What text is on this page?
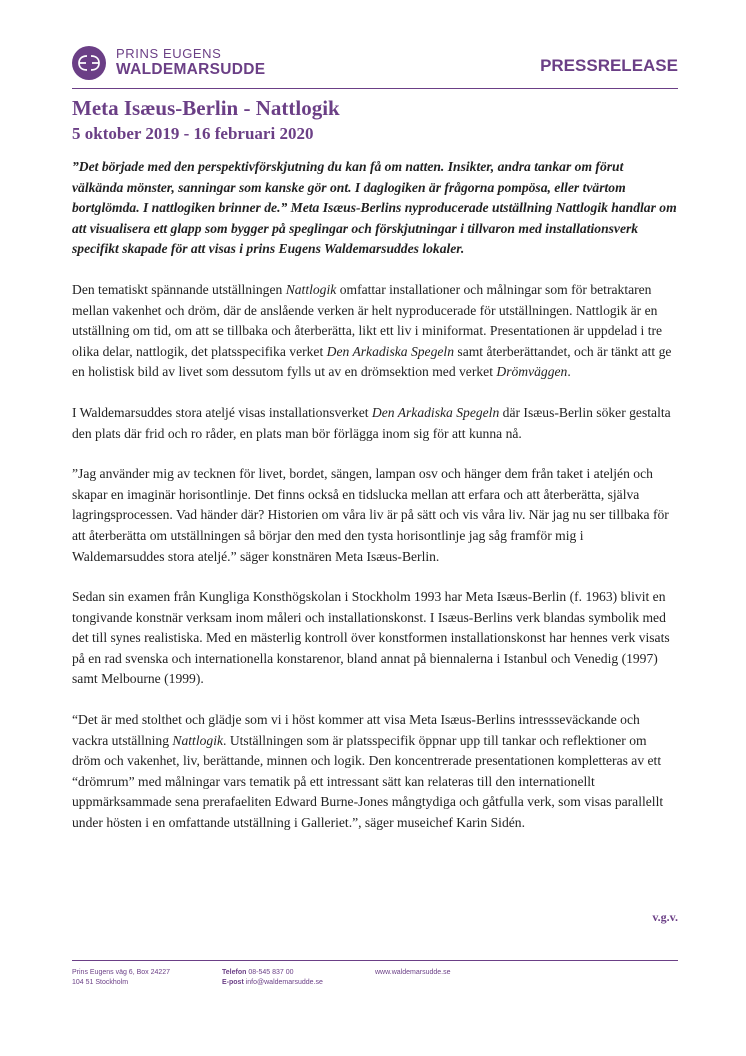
PRINS EUGENS
WALDEMARSUDDE	PRESSRELEASE
Meta Isæus-Berlin - Nattlogik
5 oktober 2019 - 16 februari 2020

”Det började med den perspektivförskjutning du kan få om natten. Insikter, andra tankar om förut välkända mönster, sanningar som kanske gör ont. I daglogiken är frågorna pompösa, eller tvärtom bortglömda. I nattlogiken brinner de.” Meta Isæus-Berlins nyproducerade utställning Nattlogik handlar om att visualisera ett glapp som bygger på speglingar och förskjutningar i tillvaron med installationsverk specifikt skapade för att visas i prins Eugens Waldemarsuddes lokaler.

Den tematiskt spännande utställningen Nattlogik omfattar installationer och målningar som för betraktaren mellan vakenhet och dröm, där de anslående verken är helt nyproducerade för utställningen. Nattlogik är en utställning om tid, om att se tillbaka och återberätta, likt ett liv i miniformat. Presentationen är uppdelad i tre olika delar, nattlogik, det platsspecifika verket Den Arkadiska Spegeln samt återberättandet, och är tänkt att ge en holistisk bild av livet som dessutom fylls ut av en drömsektion med verket Drömväggen.

I Waldemarsuddes stora ateljé visas installationsverket Den Arkadiska Spegeln där Isæus-Berlin söker gestalta den plats där frid och ro råder, en plats man bör förlägga inom sig för att kunna nå.

”Jag använder mig av tecknen för livet, bordet, sängen, lampan osv och hänger dem från taket i ateljén och skapar en imaginär horisontlinje. Det finns också en tidslucka mellan att erfara och att återberätta, själva lagringsprocessen. Vad händer där? Historien om våra liv är på sätt och vis våra liv. När jag nu ser tillbaka för att återberätta om utställningen så börjar den med den tysta horisontlinje jag såg framför mig i Waldemarsuddes stora ateljé.” säger konstnären Meta Isæus-Berlin.

Sedan sin examen från Kungliga Konsthögskolan i Stockholm 1993 har Meta Isæus-Berlin (f. 1963) blivit en tongivande konstnär verksam inom måleri och installationskonst. I Isæus-Berlins verk blandas symbolik med det till synes realistiska. Med en mästerlig kontroll över konstformen installationskonst har hennes verk visats på en rad svenska och internationella konstarenor, bland annat på biennalerna i Istanbul och Venedig (1997) samt Melbourne (1999).

“Det är med stolthet och glädje som vi i höst kommer att visa Meta Isæus-Berlins intressseväckande och vackra utställning Nattlogik. Utställningen som är platsspecifik öppnar upp till tankar och reflektioner om dröm och vakenhet, liv, berättande, minnen och logik. Den koncentrerade presentationen kompletteras av ett “drömrum” med målningar vars tematik på ett intressant sätt kan relateras till den internationellt uppmärksammade sena prerafaeliten Edward Burne-Jones mångtydiga och gåtfulla verk, som visas parallellt under hösten i en omfattande utställning i Galleriet.”, säger museichef Karin Sidén.

v.g.v.
Prins Eugens väg 6, Box 24227
104 51 Stockholm
Telefon 08-545 837 00
E-post info@waldemarsudde.se
www.waldemarsudde.se
